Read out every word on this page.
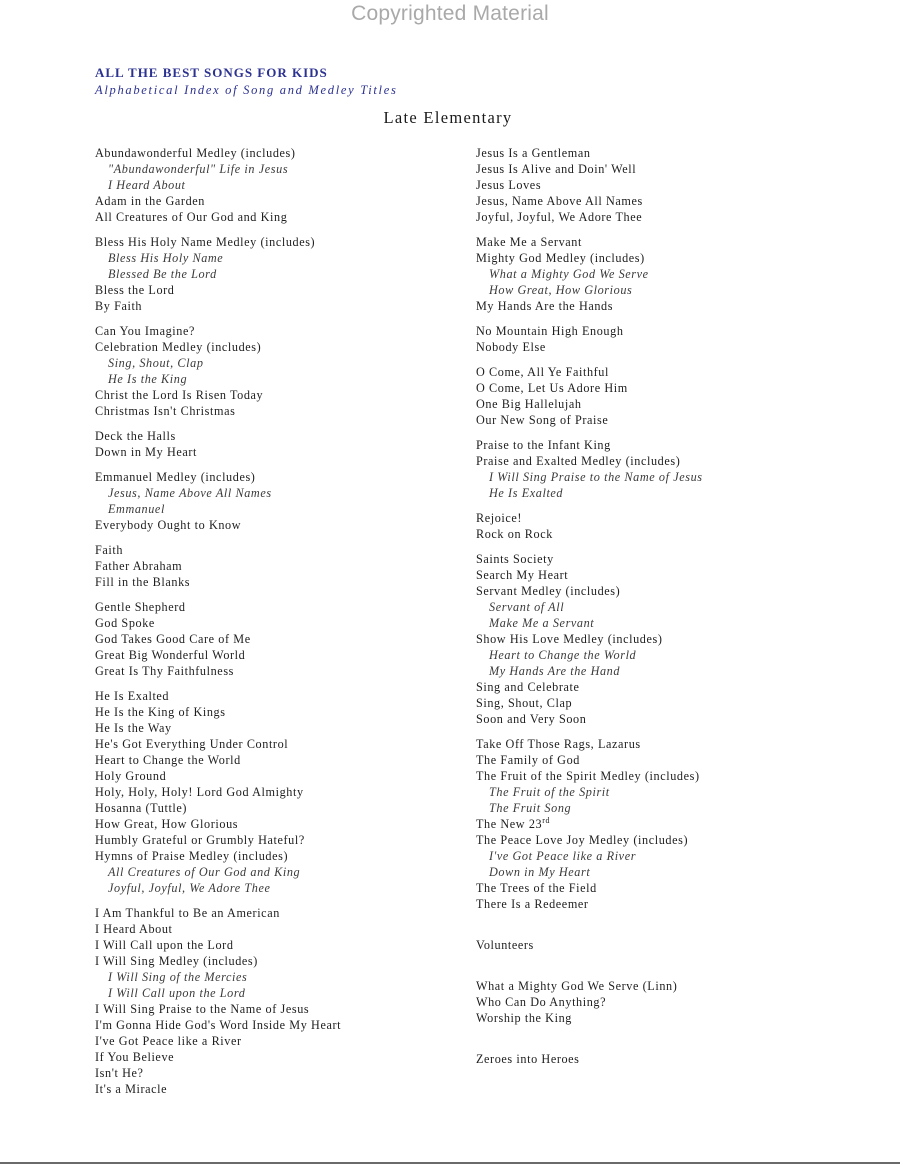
Copyrighted Material
ALL THE BEST SONGS FOR KIDS
Alphabetical Index of Song and Medley Titles
Late Elementary
Abundawonderful Medley (includes)
"Abundawonderful" Life in Jesus
I Heard About
Adam in the Garden
All Creatures of Our God and King
Bless His Holy Name Medley (includes)
Bless His Holy Name
Blessed Be the Lord
Bless the Lord
By Faith
Can You Imagine?
Celebration Medley (includes)
Sing, Shout, Clap
He Is the King
Christ the Lord Is Risen Today
Christmas Isn't Christmas
Deck the Halls
Down in My Heart
Emmanuel Medley (includes)
Jesus, Name Above All Names
Emmanuel
Everybody Ought to Know
Faith
Father Abraham
Fill in the Blanks
Gentle Shepherd
God Spoke
God Takes Good Care of Me
Great Big Wonderful World
Great Is Thy Faithfulness
He Is Exalted
He Is the King of Kings
He Is the Way
He's Got Everything Under Control
Heart to Change the World
Holy Ground
Holy, Holy, Holy! Lord God Almighty
Hosanna (Tuttle)
How Great, How Glorious
Humbly Grateful or Grumbly Hateful?
Hymns of Praise Medley (includes)
All Creatures of Our God and King
Joyful, Joyful, We Adore Thee
I Am Thankful to Be an American
I Heard About
I Will Call upon the Lord
I Will Sing Medley (includes)
I Will Sing of the Mercies
I Will Call upon the Lord
I Will Sing Praise to the Name of Jesus
I'm Gonna Hide God's Word Inside My Heart
I've Got Peace like a River
If You Believe
Isn't He?
It's a Miracle
Jesus Is a Gentleman
Jesus Is Alive and Doin' Well
Jesus Loves
Jesus, Name Above All Names
Joyful, Joyful, We Adore Thee
Make Me a Servant
Mighty God Medley (includes)
What a Mighty God We Serve
How Great, How Glorious
My Hands Are the Hands
No Mountain High Enough
Nobody Else
O Come, All Ye Faithful
O Come, Let Us Adore Him
One Big Hallelujah
Our New Song of Praise
Praise to the Infant King
Praise and Exalted Medley (includes)
I Will Sing Praise to the Name of Jesus
He Is Exalted
Rejoice!
Rock on Rock
Saints Society
Search My Heart
Servant Medley (includes)
Servant of All
Make Me a Servant
Show His Love Medley (includes)
Heart to Change the World
My Hands Are the Hand
Sing and Celebrate
Sing, Shout, Clap
Soon and Very Soon
Take Off Those Rags, Lazarus
The Family of God
The Fruit of the Spirit Medley (includes)
The Fruit of the Spirit
The Fruit Song
The New 23rd
The Peace Love Joy Medley (includes)
I've Got Peace like a River
Down in My Heart
The Trees of the Field
There Is a Redeemer
Volunteers
What a Mighty God We Serve (Linn)
Who Can Do Anything?
Worship the King
Zeroes into Heroes
